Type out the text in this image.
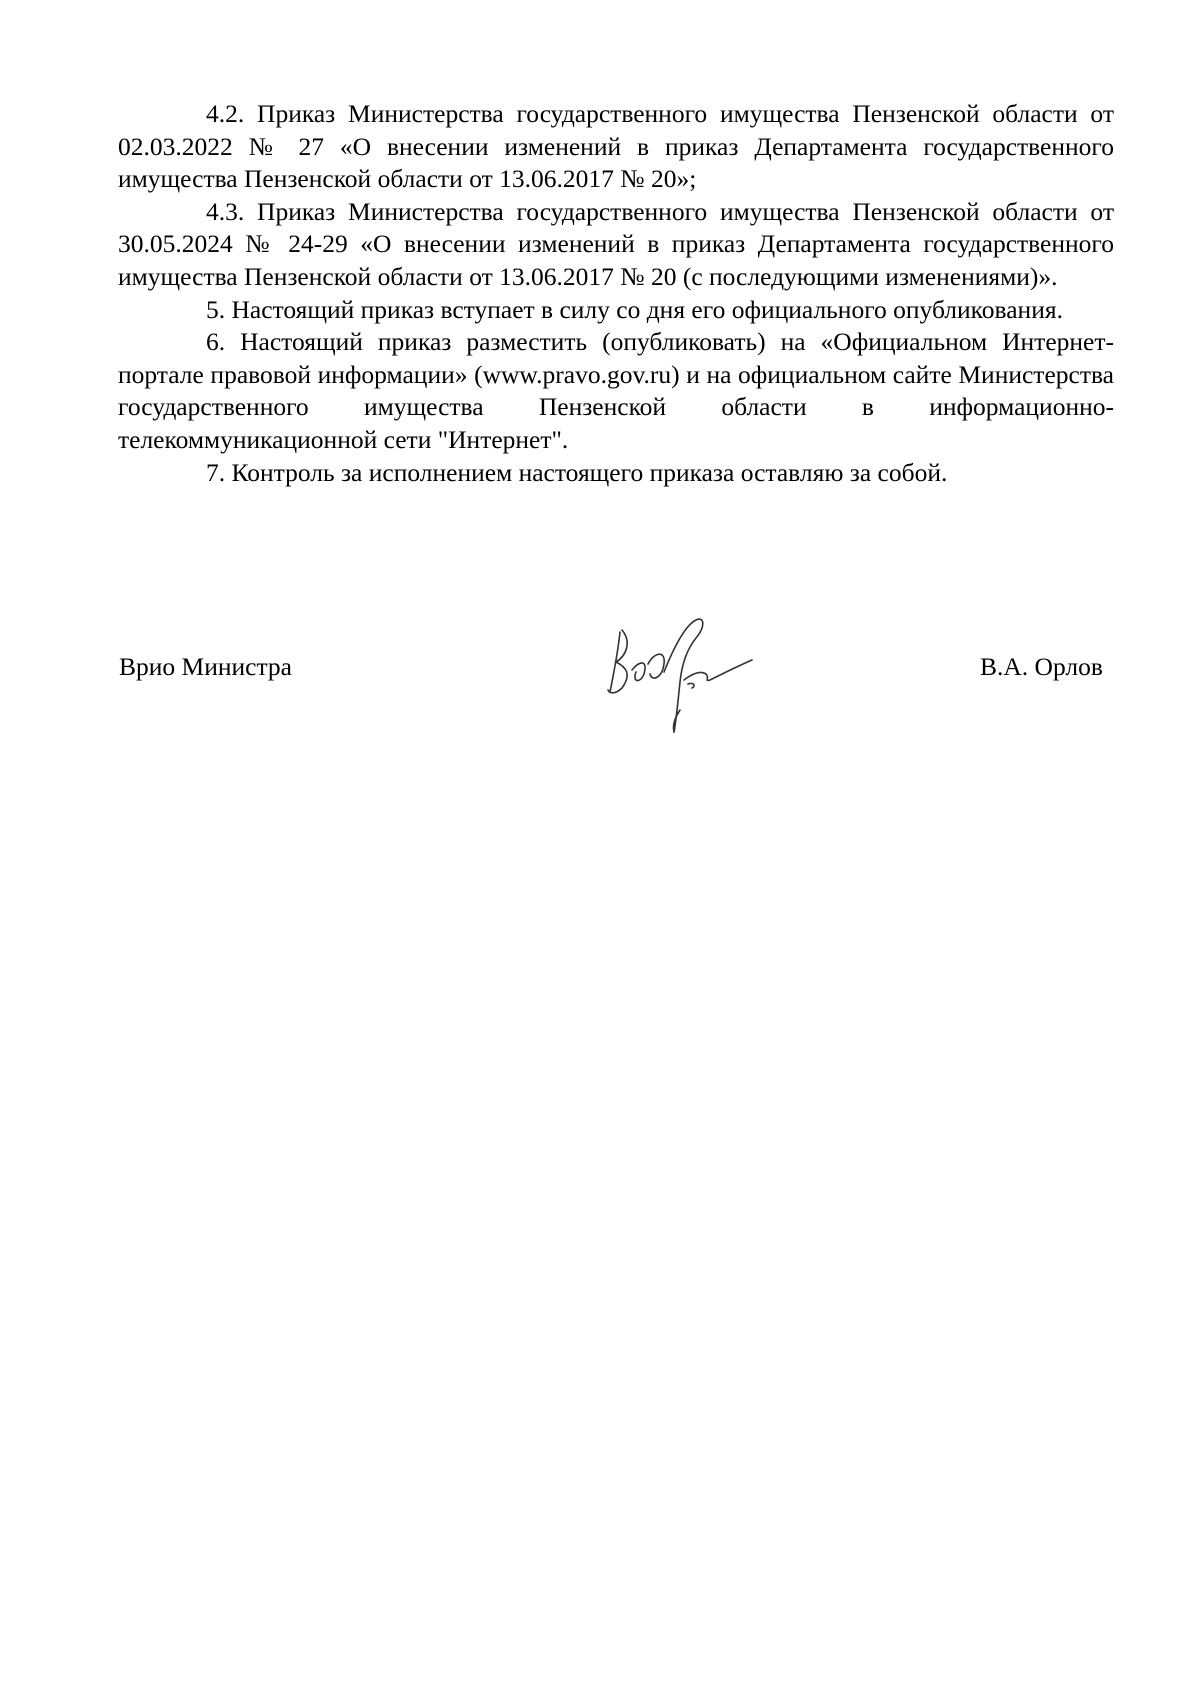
4.2. Приказ Министерства государственного имущества Пензенской области от 02.03.2022 № 27 «О внесении изменений в приказ Департамента государственного имущества Пензенской области от 13.06.2017 № 20»;

4.3. Приказ Министерства государственного имущества Пензенской области от 30.05.2024 № 24-29 «О внесении изменений в приказ Департамента государственного имущества Пензенской области от 13.06.2017 № 20 (с последующими изменениями)».

5. Настоящий приказ вступает в силу со дня его официального опубликования.

6. Настоящий приказ разместить (опубликовать) на «Официальном Интернет-портале правовой информации» (www.pravo.gov.ru) и на официальном сайте Министерства государственного имущества Пензенской области в информационно-телекоммуникационной сети "Интернет".

7. Контроль за исполнением настоящего приказа оставляю за собой.

Врио Министра	В.А. Орлов
